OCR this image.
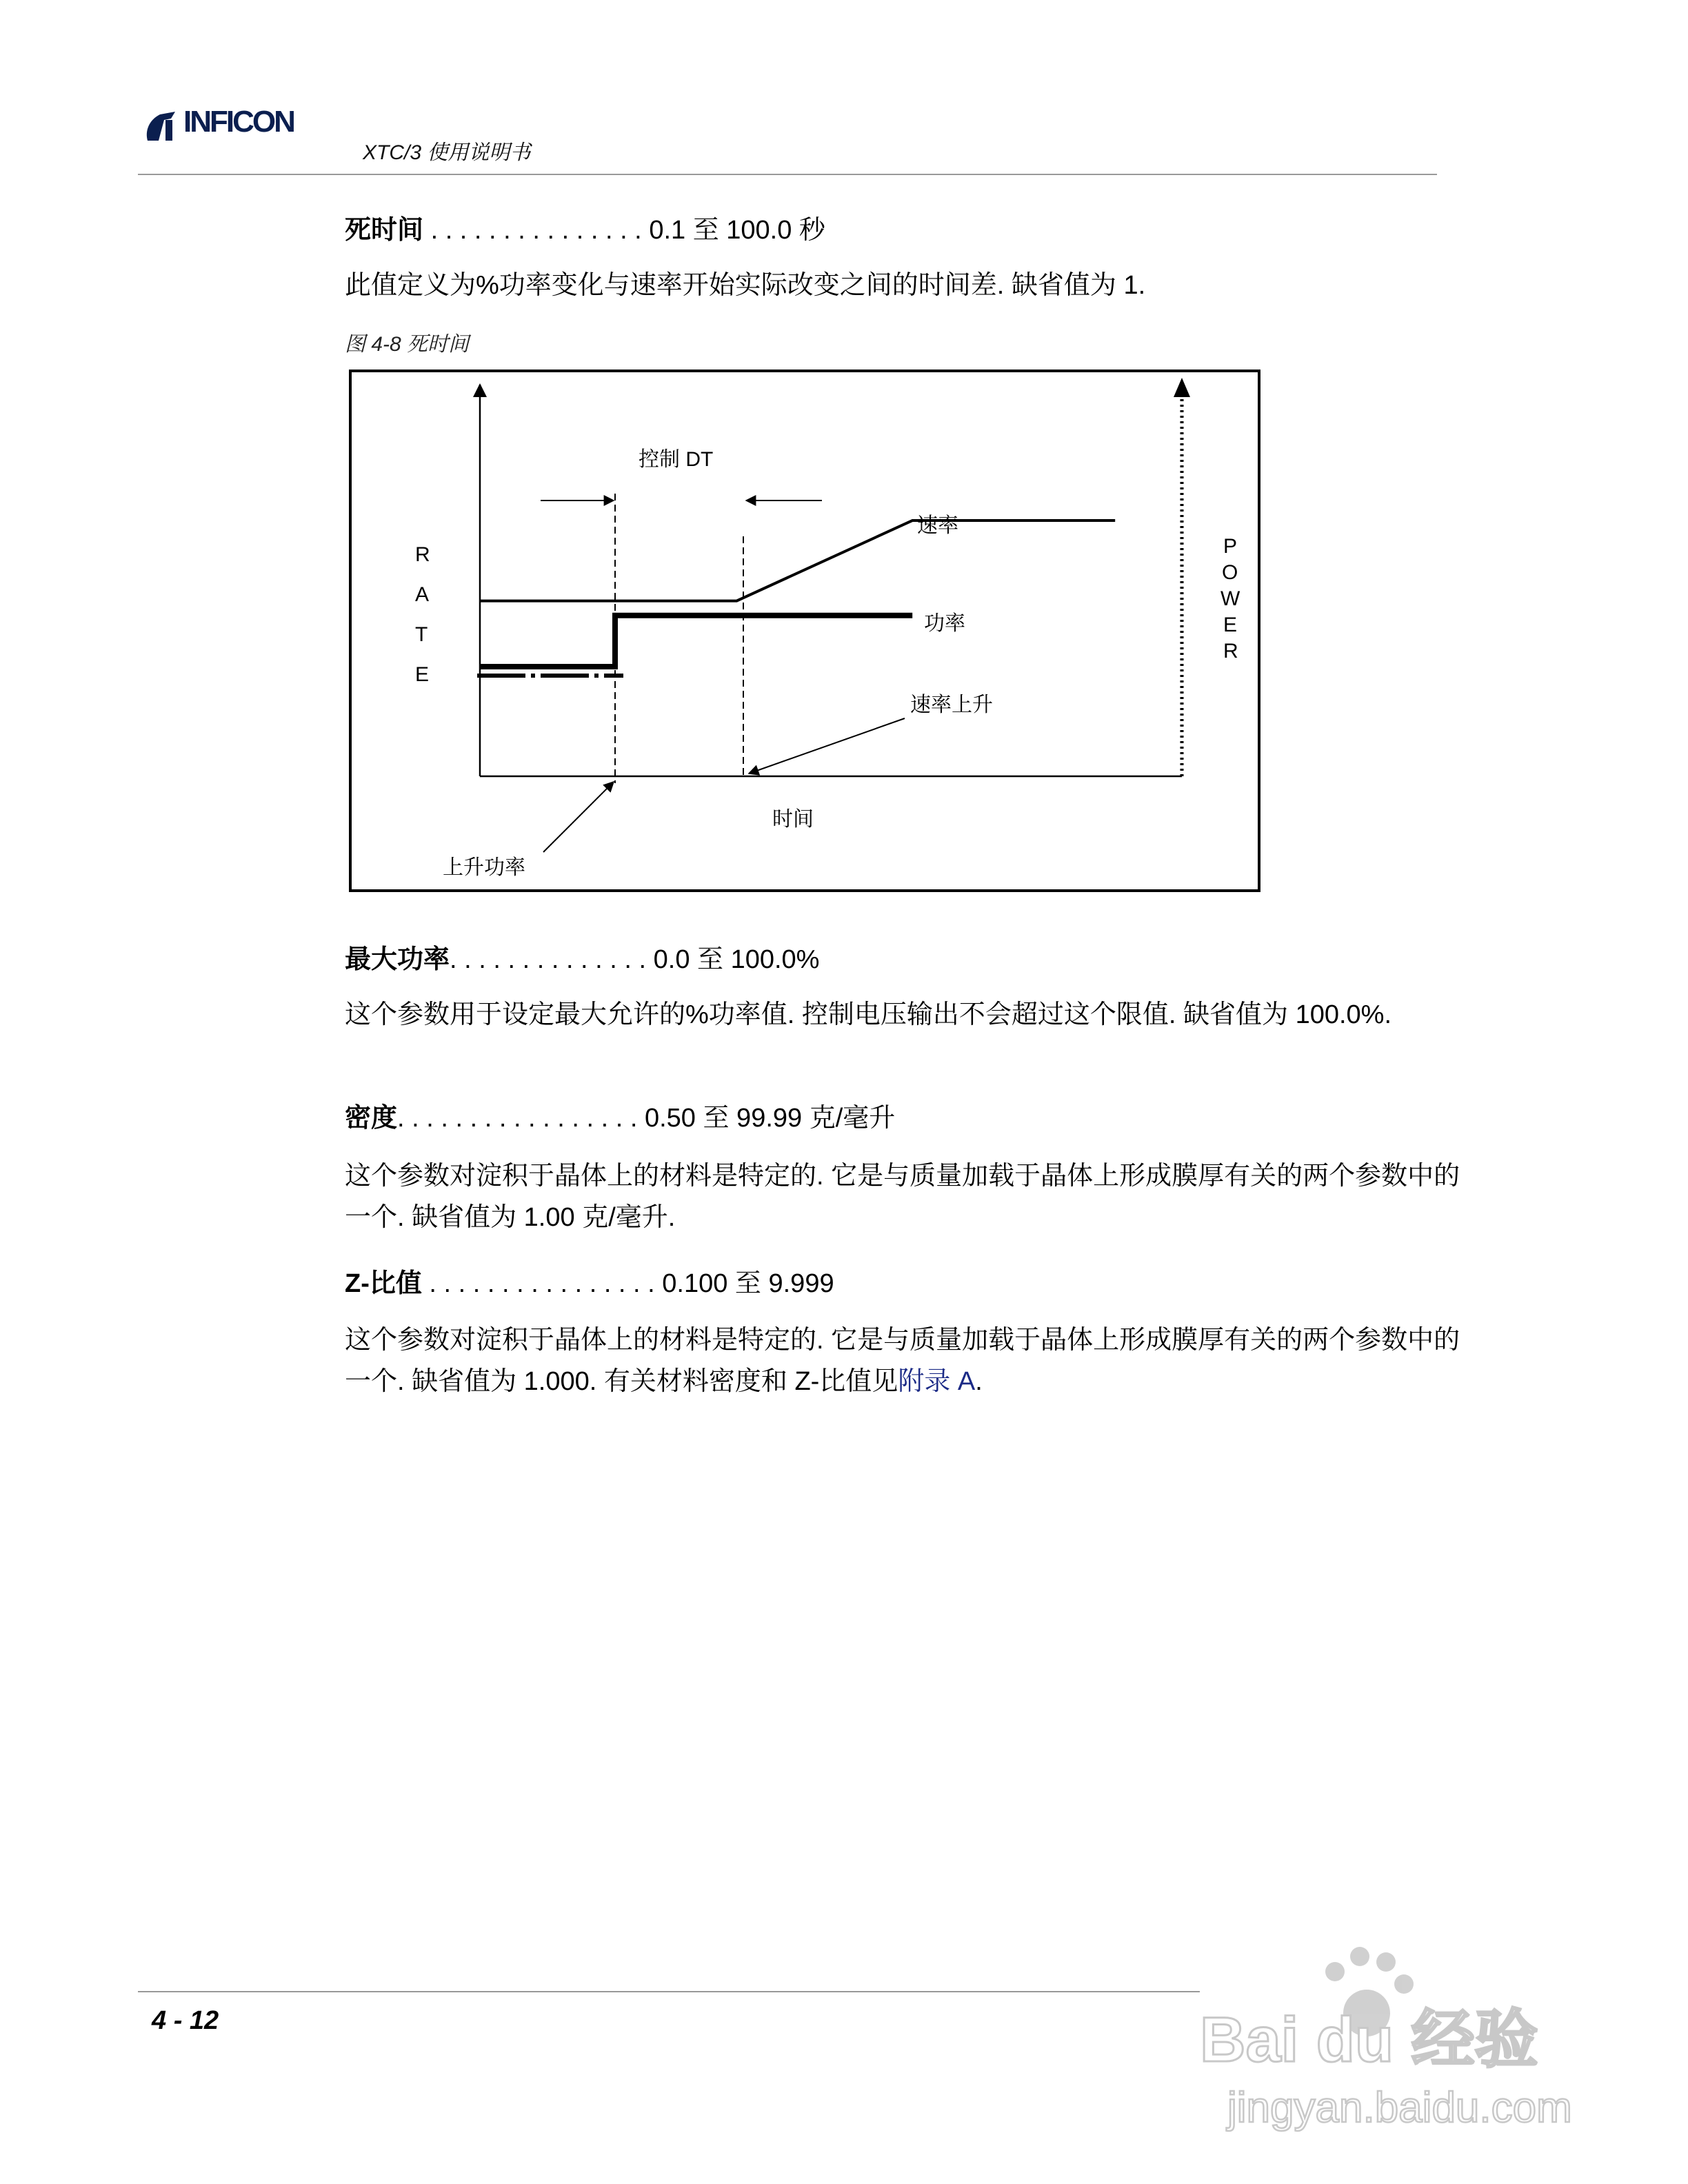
INFICON
XTC/3 使用说明书
死时间 . . . . . . . . . . . . . . . 0.1 至 100.0 秒
此值定义为%功率变化与速率开始实际改变之间的时间差. 缺省值为 1.
图 4-8 死时间
控制 DT
速率
功率
速率上升
时间
上升功率
R
A
T
E
P
O
W
E
R
最大功率. . . . . . . . . . . . . . 0.0 至 100.0%
这个参数用于设定最大允许的%功率值. 控制电压输出不会超过这个限值. 缺省值为 100.0%.
密度. . . . . . . . . . . . . . . . . 0.50 至 99.99 克/毫升
这个参数对淀积于晶体上的材料是特定的. 它是与质量加载于晶体上形成膜厚有关的两个参数中的一个. 缺省值为 1.00 克/毫升.
Z-比值 . . . . . . . . . . . . . . . . 0.100 至 9.999
这个参数对淀积于晶体上的材料是特定的. 它是与质量加载于晶体上形成膜厚有关的两个参数中的一个. 缺省值为 1.000. 有关材料密度和 Z-比值见附录 A.
4 - 12	Bai du 经验
jingyan.baidu.com
